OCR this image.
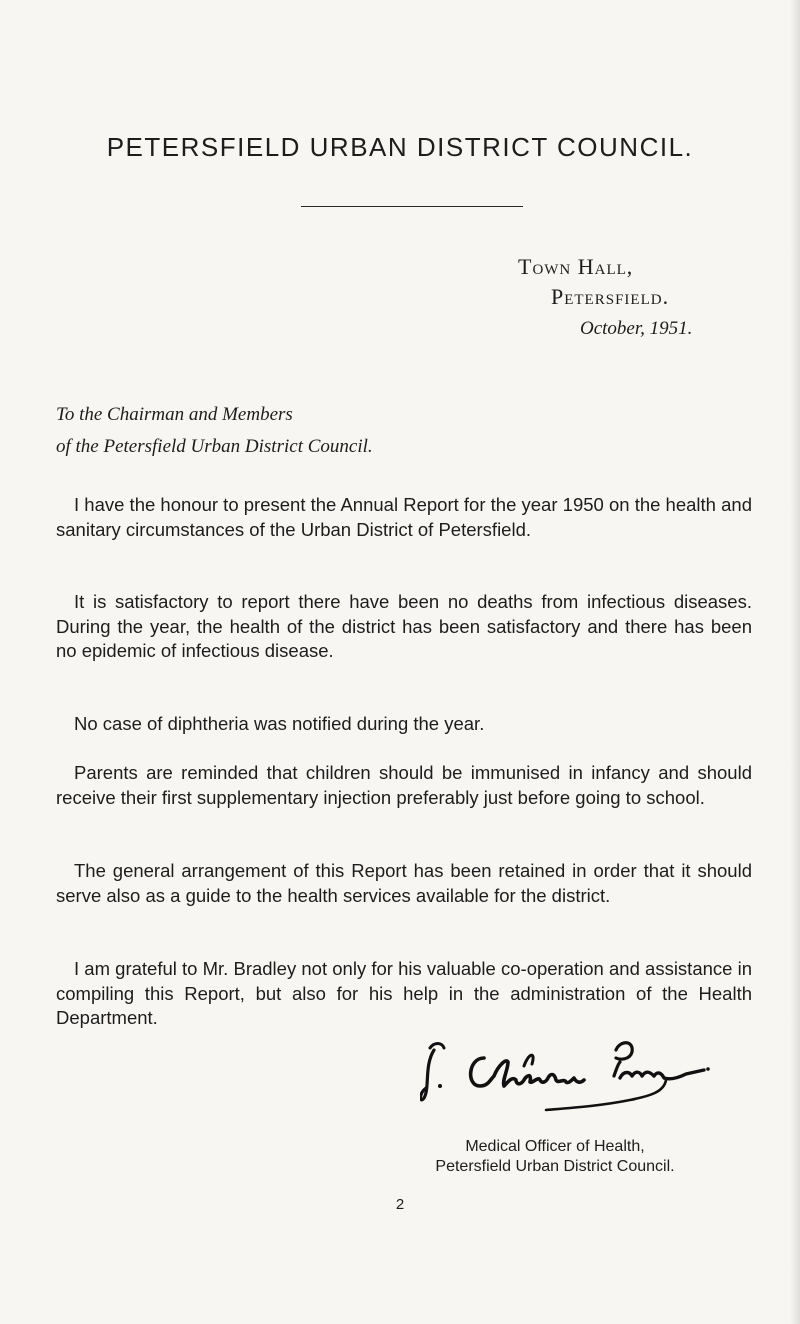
PETERSFIELD URBAN DISTRICT COUNCIL.
Town Hall,
Petersfield.
October, 1951.
To the Chairman and Members
of the Petersfield Urban District Council.

I have the honour to present the Annual Report for the year 1950 on the health and sanitary circumstances of the Urban District of Petersfield.

It is satisfactory to report there have been no deaths from infectious diseases. During the year, the health of the district has been satisfactory and there has been no epidemic of infectious disease.

No case of diphtheria was notified during the year.

Parents are reminded that children should be immunised in infancy and should receive their first supplementary injection preferably just before going to school.

The general arrangement of this Report has been retained in order that it should serve also as a guide to the health services available for the district.

I am grateful to Mr. Bradley not only for his valuable co-operation and assistance in compiling this Report, but also for his help in the administration of the Health Department.

Medical Officer of Health,
Petersfield Urban District Council.
2
